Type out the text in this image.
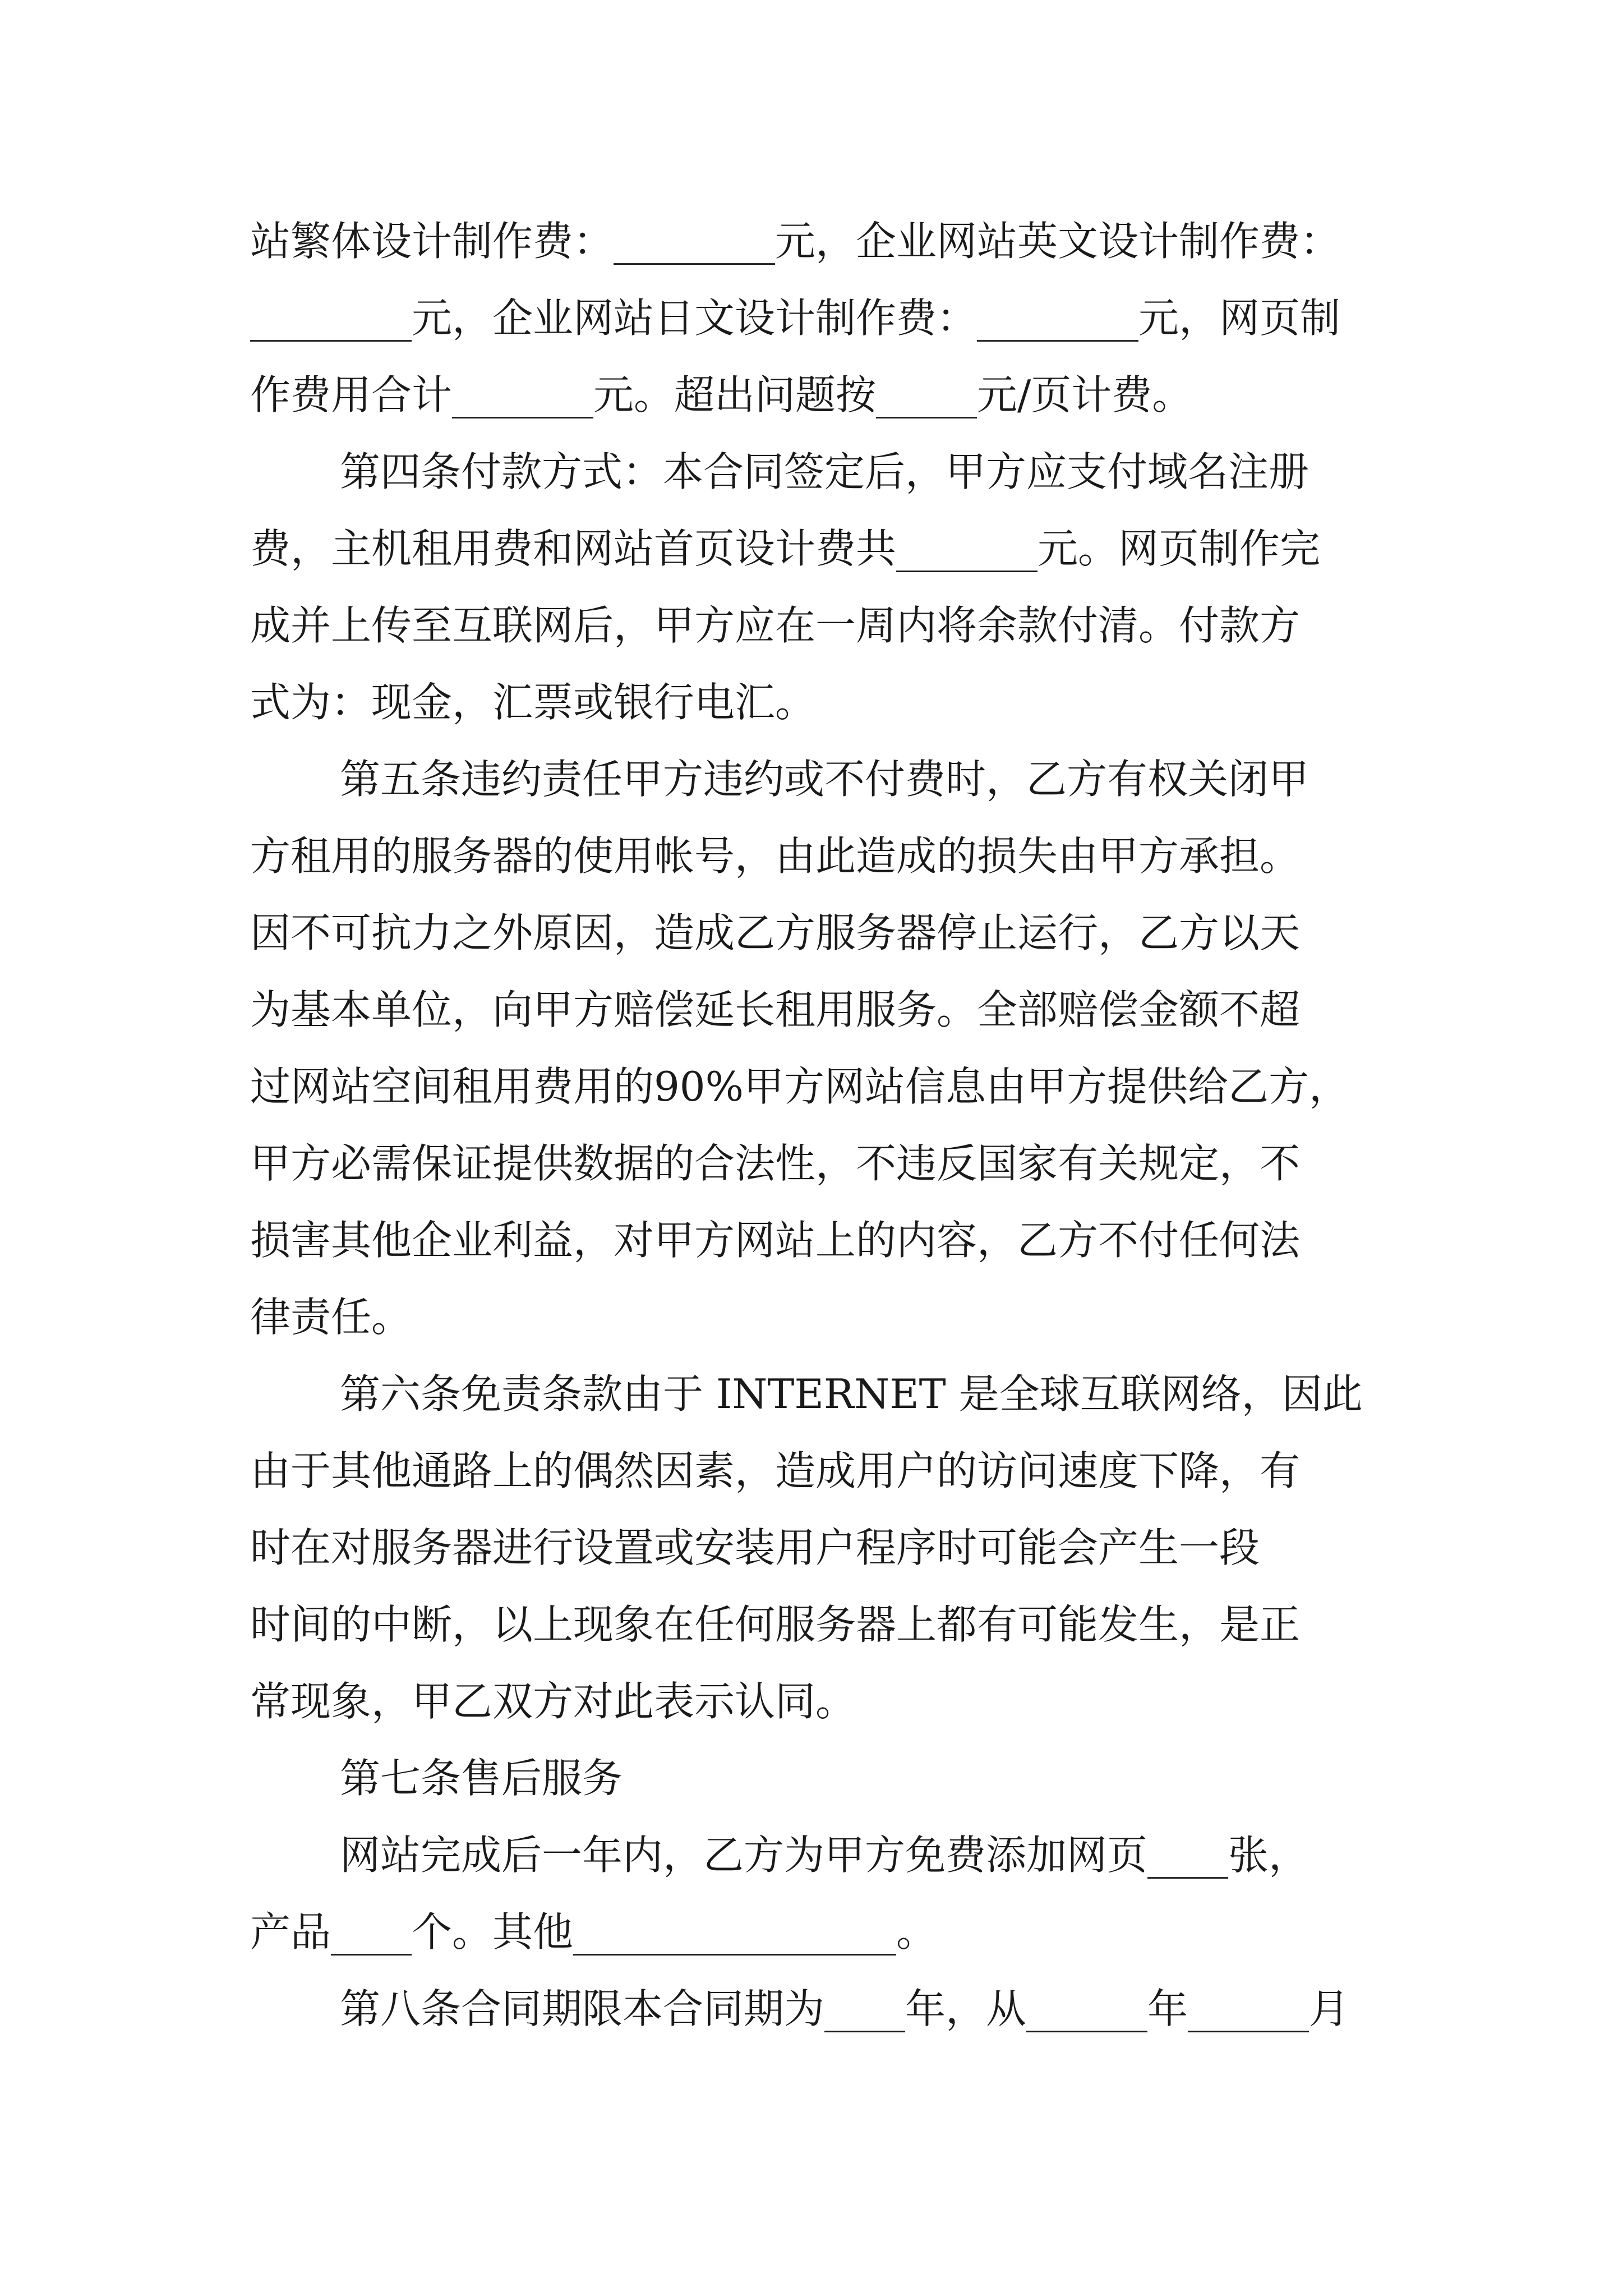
站繁体设计制作费：________元，企业网站英文设计制作费：
________元，企业网站日文设计制作费：________元，网页制
作费用合计_______元。超出问题按_____元/页计费。

第四条付款方式：本合同签定后，甲方应支付域名注册
费，主机租用费和网站首页设计费共_______元。网页制作完
成并上传至互联网后，甲方应在一周内将余款付清。付款方
式为：现金，汇票或银行电汇。

第五条违约责任甲方违约或不付费时，乙方有权关闭甲
方租用的服务器的使用帐号，由此造成的损失由甲方承担。
因不可抗力之外原因，造成乙方服务器停止运行，乙方以天
为基本单位，向甲方赔偿延长租用服务。全部赔偿金额不超
过网站空间租用费用的90%甲方网站信息由甲方提供给乙方，
甲方必需保证提供数据的合法性，不违反国家有关规定，不
损害其他企业利益，对甲方网站上的内容，乙方不付任何法
律责任。

第六条免责条款由于 INTERNET 是全球互联网络，因此
由于其他通路上的偶然因素，造成用户的访问速度下降，有
时在对服务器进行设置或安装用户程序时可能会产生一段
时间的中断，以上现象在任何服务器上都有可能发生，是正
常现象，甲乙双方对此表示认同。

第七条售后服务

网站完成后一年内，乙方为甲方免费添加网页____张，
产品____个。其他________________。

第八条合同期限本合同期为____年，从______年______月
